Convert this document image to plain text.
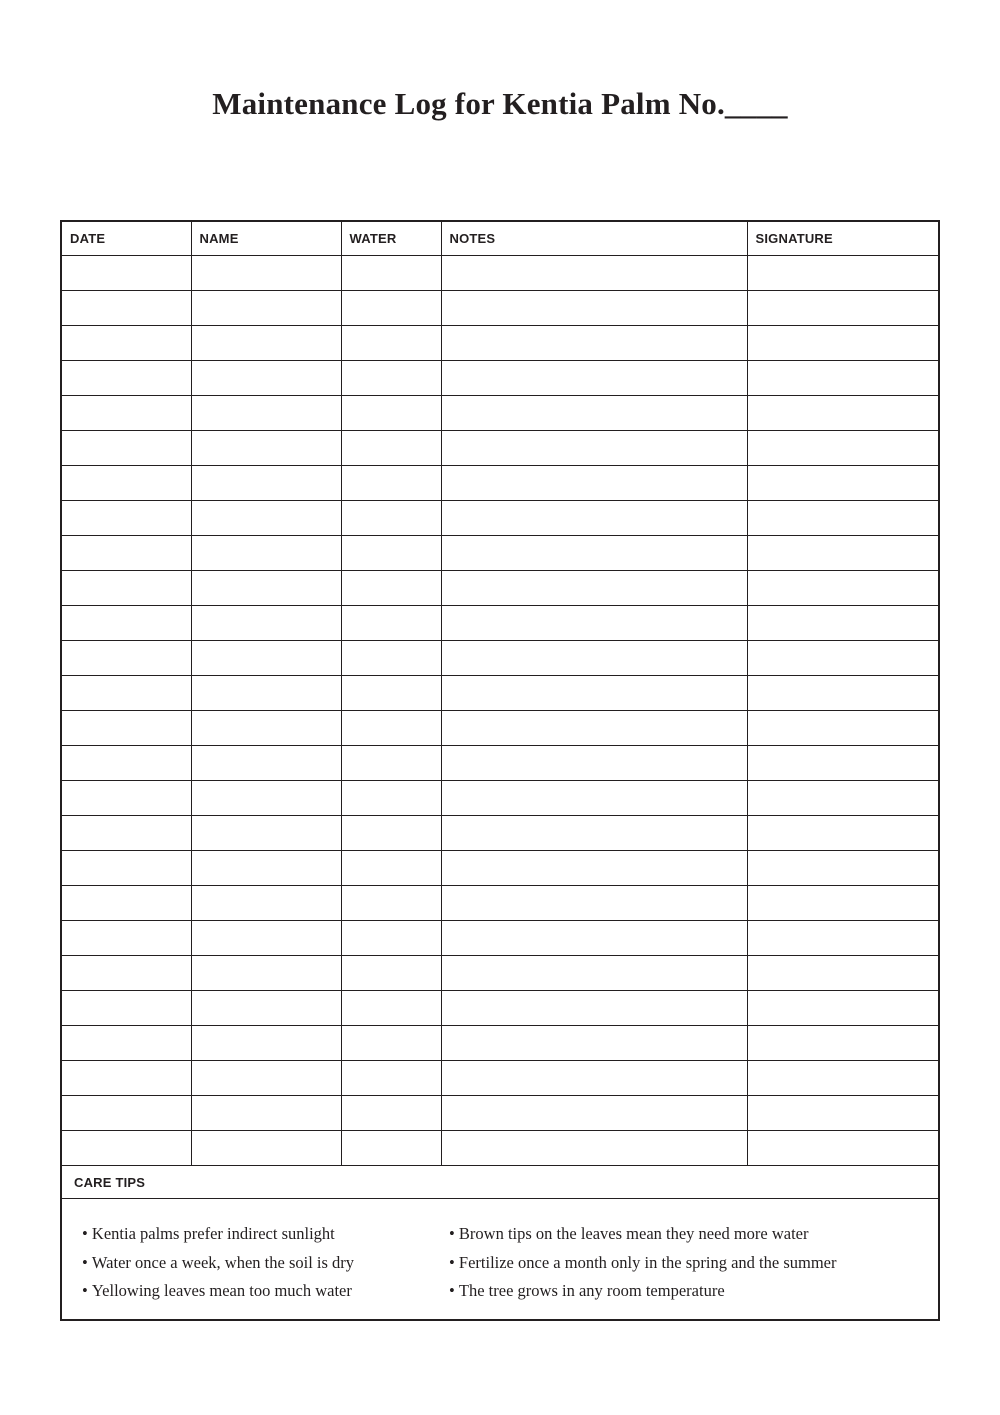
Maintenance Log for Kentia Palm No.____
DATE	NAME	WATER	NOTES	SIGNATURE

CARE TIPS
• Kentia palms prefer indirect sunlight
• Water once a week, when the soil is dry
• Yellowing leaves mean too much water
• Brown tips on the leaves mean they need more water
• Fertilize once a month only in the spring and the summer
• The tree grows in any room temperature
